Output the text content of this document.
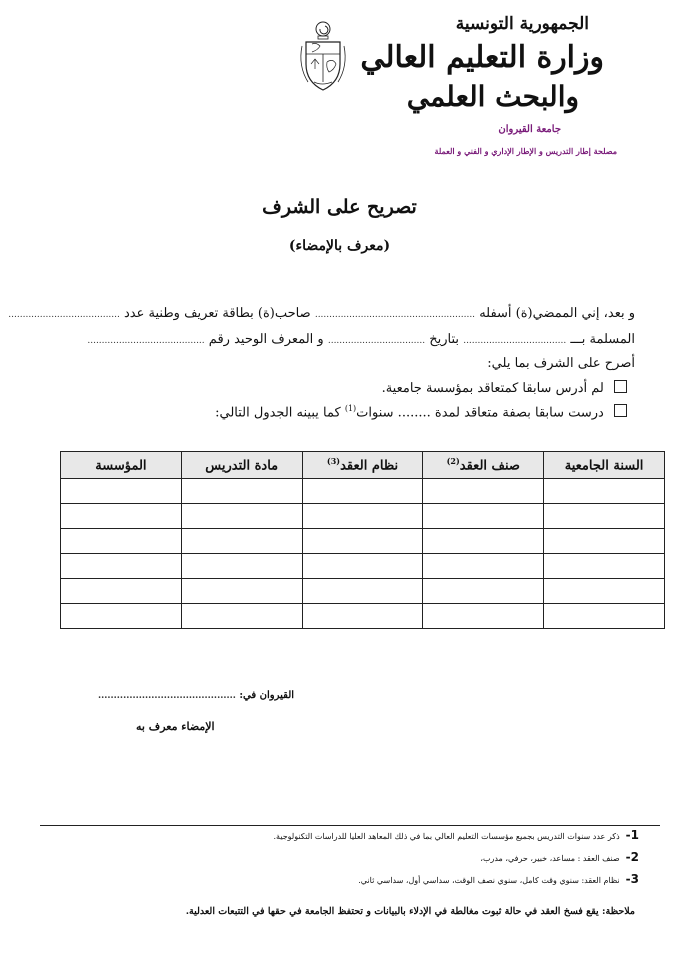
الجمهورية التونسية
وزارة التعليم العالي
والبحث العلمي
جامعة القيروان
مصلحة إطار التدريس و الإطار الإداري و الفني و العملة
تصريح على الشرف
(معرف بالإمضاء)
و بعد، إني الممضي(ة) أسفله ........................................................ صاحب(ة) بطاقة تعريف وطنية عدد .......................................
المسلمة بـــ .................................... بتاريخ .................................. و المعرف الوحيد رقم .........................................
أصرح على الشرف بما يلي:
لم أدرس سابقا كمتعاقد بمؤسسة جامعية.
درست سابقا بصفة متعاقد لمدة ........ سنوات$^{(1)}$ كما يبينه الجدول التالي:
السنة الجامعية	صنف العقد$^{(2)}$	نظام العقد$^{(3)}$	مادة التدريس	المؤسسة

القيروان في: ............................................
الإمضاء معرف به
1-ذكر عدد سنوات التدريس بجميع مؤسسات التعليم العالي بما في ذلك المعاهد العليا للدراسات التكنولوجية.
2-صنف العقد : مساعد، خبير، حرفي، مدرب،
3-نظام العقد: سنوي وقت كامل، سنوي نصف الوقت، سداسي أول، سداسي ثاني.
ملاحظة: يقع فسخ العقد في حالة ثبوت مغالطة في الإدلاء بالبيانات و تحتفظ الجامعة في حقها في التتبعات العدلية.
